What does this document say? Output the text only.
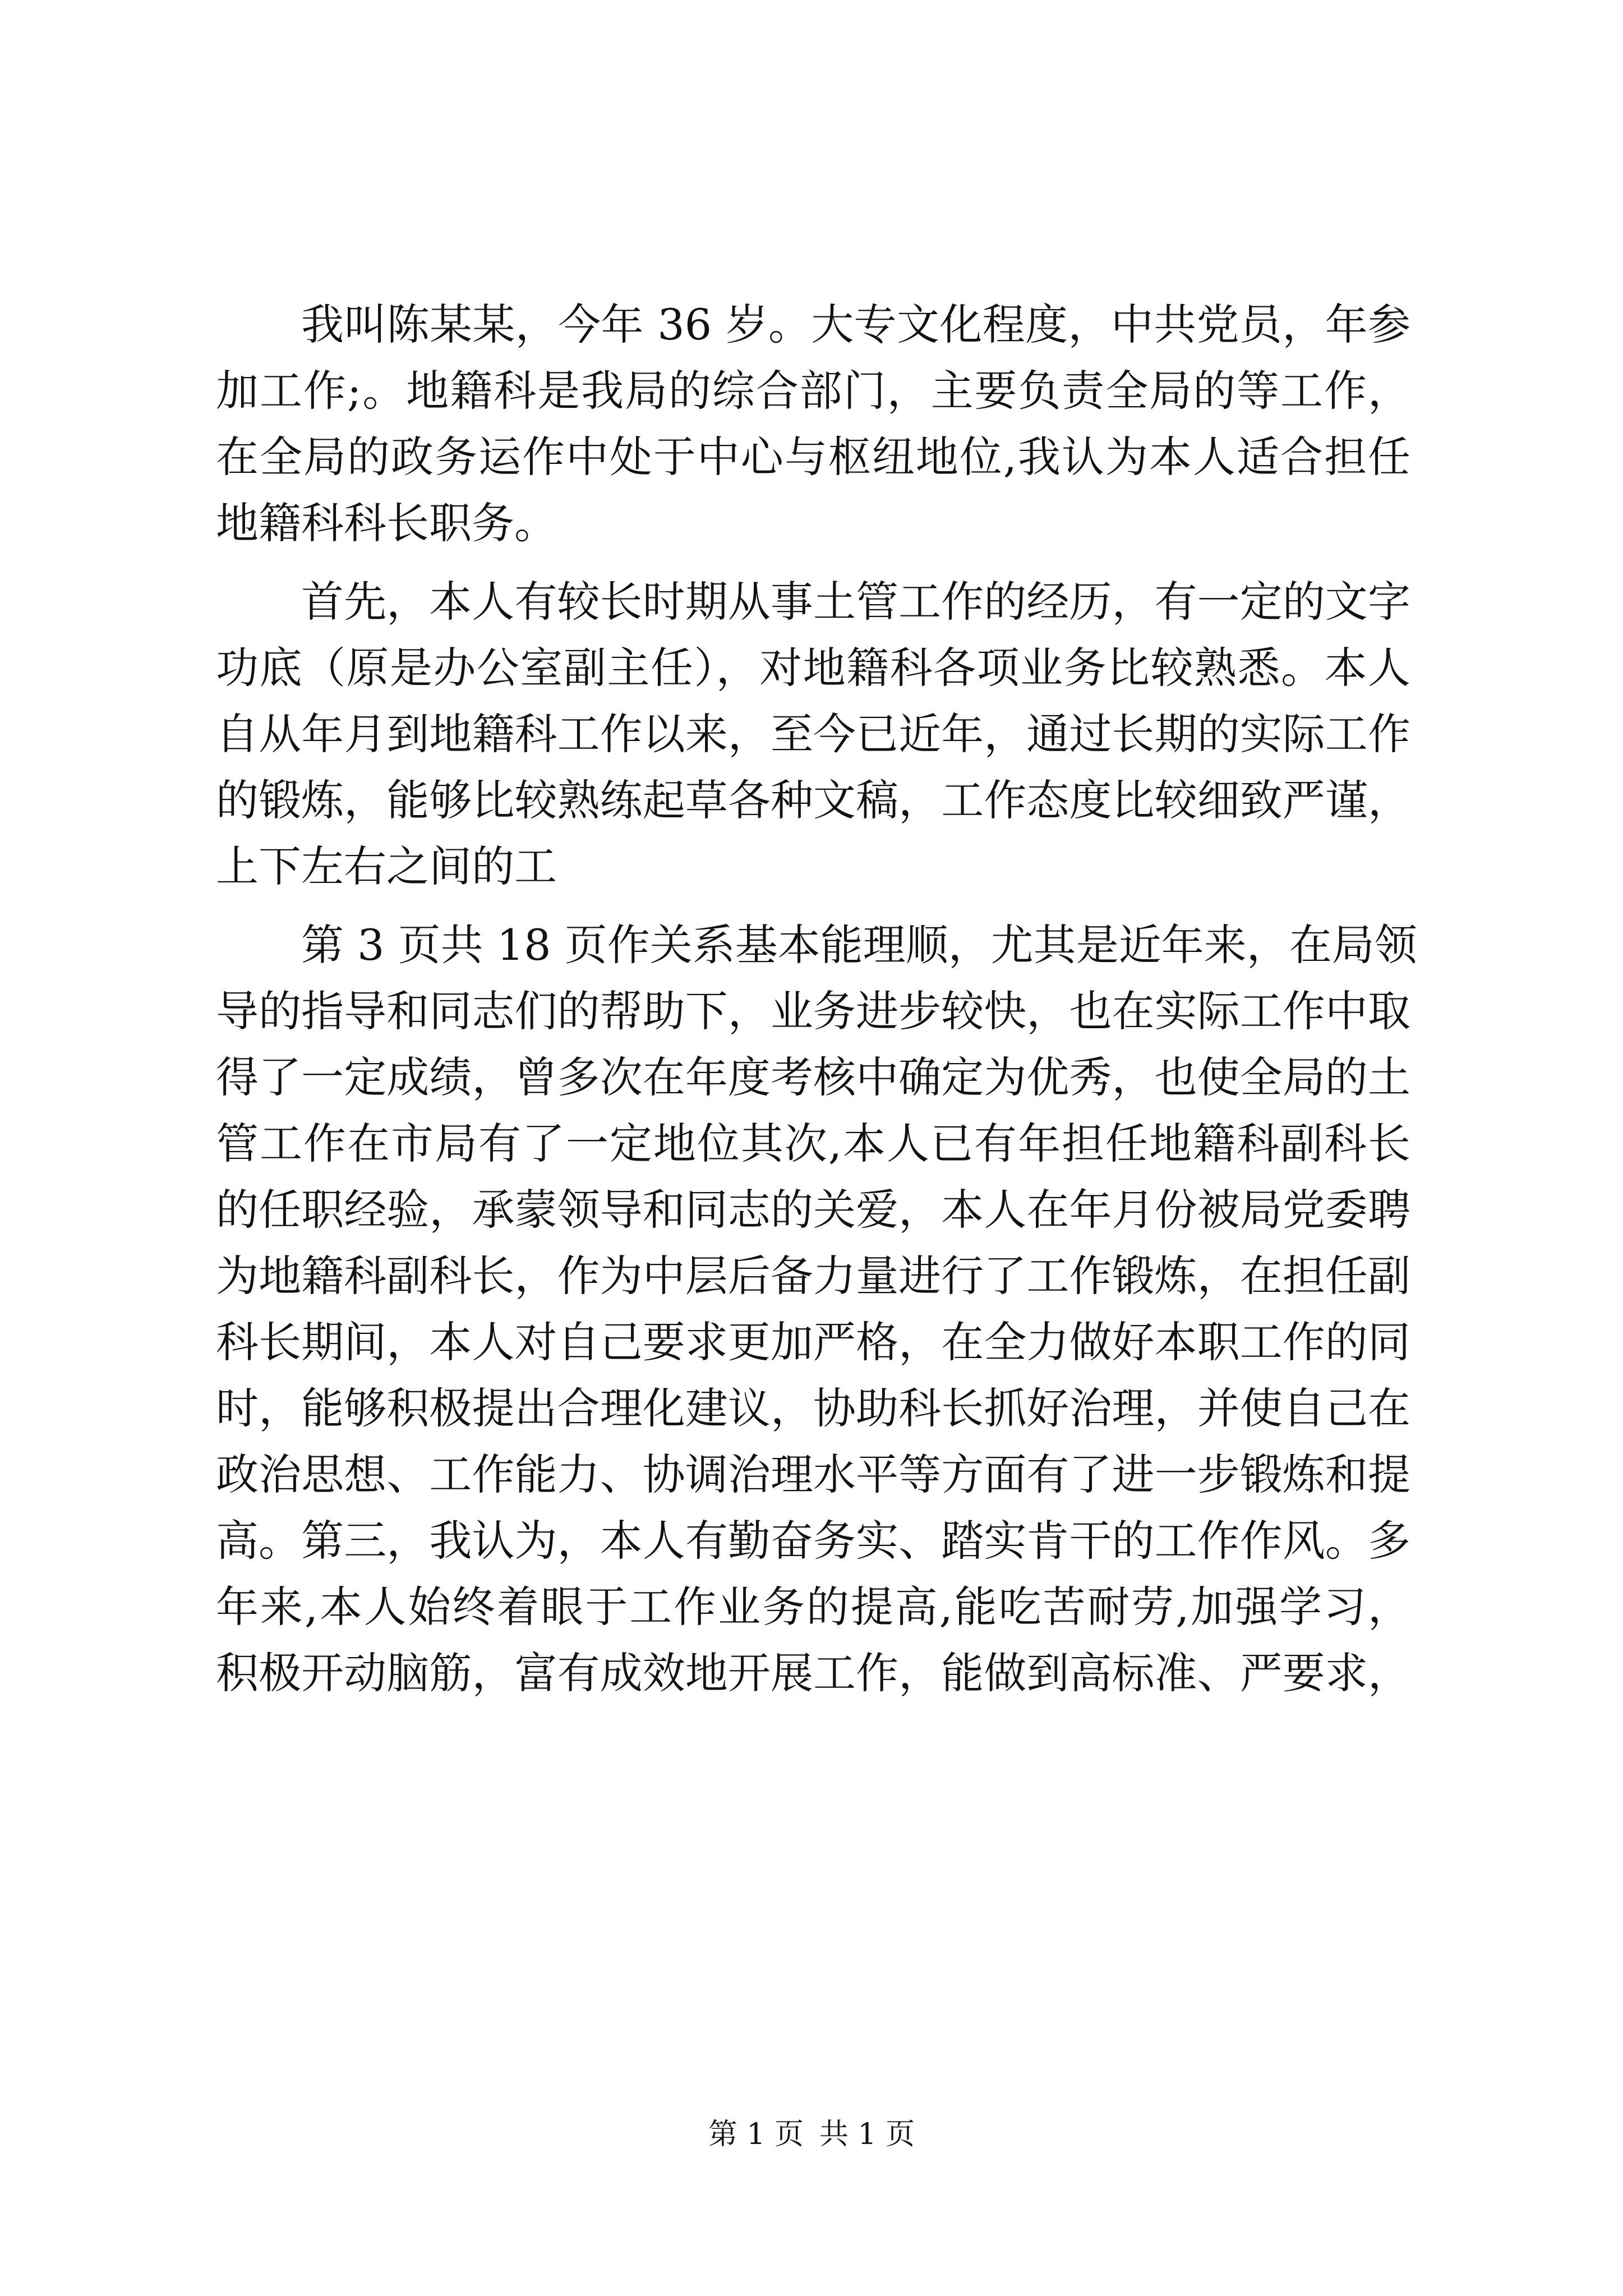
我叫陈某某，今年 36 岁。大专文化程度，中共党员，年参
加工作;。地籍科是我局的综合部门，主要负责全局的等工作，
在全局的政务运作中处于中心与枢纽地位,我认为本人适合担任
地籍科科长职务。
首先，本人有较长时期从事土管工作的经历，有一定的文字
功底（原是办公室副主任），对地籍科各项业务比较熟悉。本人
自从年月到地籍科工作以来，至今已近年，通过长期的实际工作
的锻炼，能够比较熟练起草各种文稿，工作态度比较细致严谨，
上下左右之间的工
第 3 页共 18 页作关系基本能理顺，尤其是近年来，在局领
导的指导和同志们的帮助下，业务进步较快，也在实际工作中取
得了一定成绩，曾多次在年度考核中确定为优秀，也使全局的土
管工作在市局有了一定地位其次,本人已有年担任地籍科副科长
的任职经验，承蒙领导和同志的关爱，本人在年月份被局党委聘
为地籍科副科长，作为中层后备力量进行了工作锻炼，在担任副
科长期间，本人对自己要求更加严格，在全力做好本职工作的同
时，能够积极提出合理化建议，协助科长抓好治理，并使自己在
政治思想、工作能力、协调治理水平等方面有了进一步锻炼和提
高。第三，我认为，本人有勤奋务实、踏实肯干的工作作风。多
年来,本人始终着眼于工作业务的提高,能吃苦耐劳,加强学习，
积极开动脑筋，富有成效地开展工作，能做到高标准、严要求，
第 1 页 共 1 页
